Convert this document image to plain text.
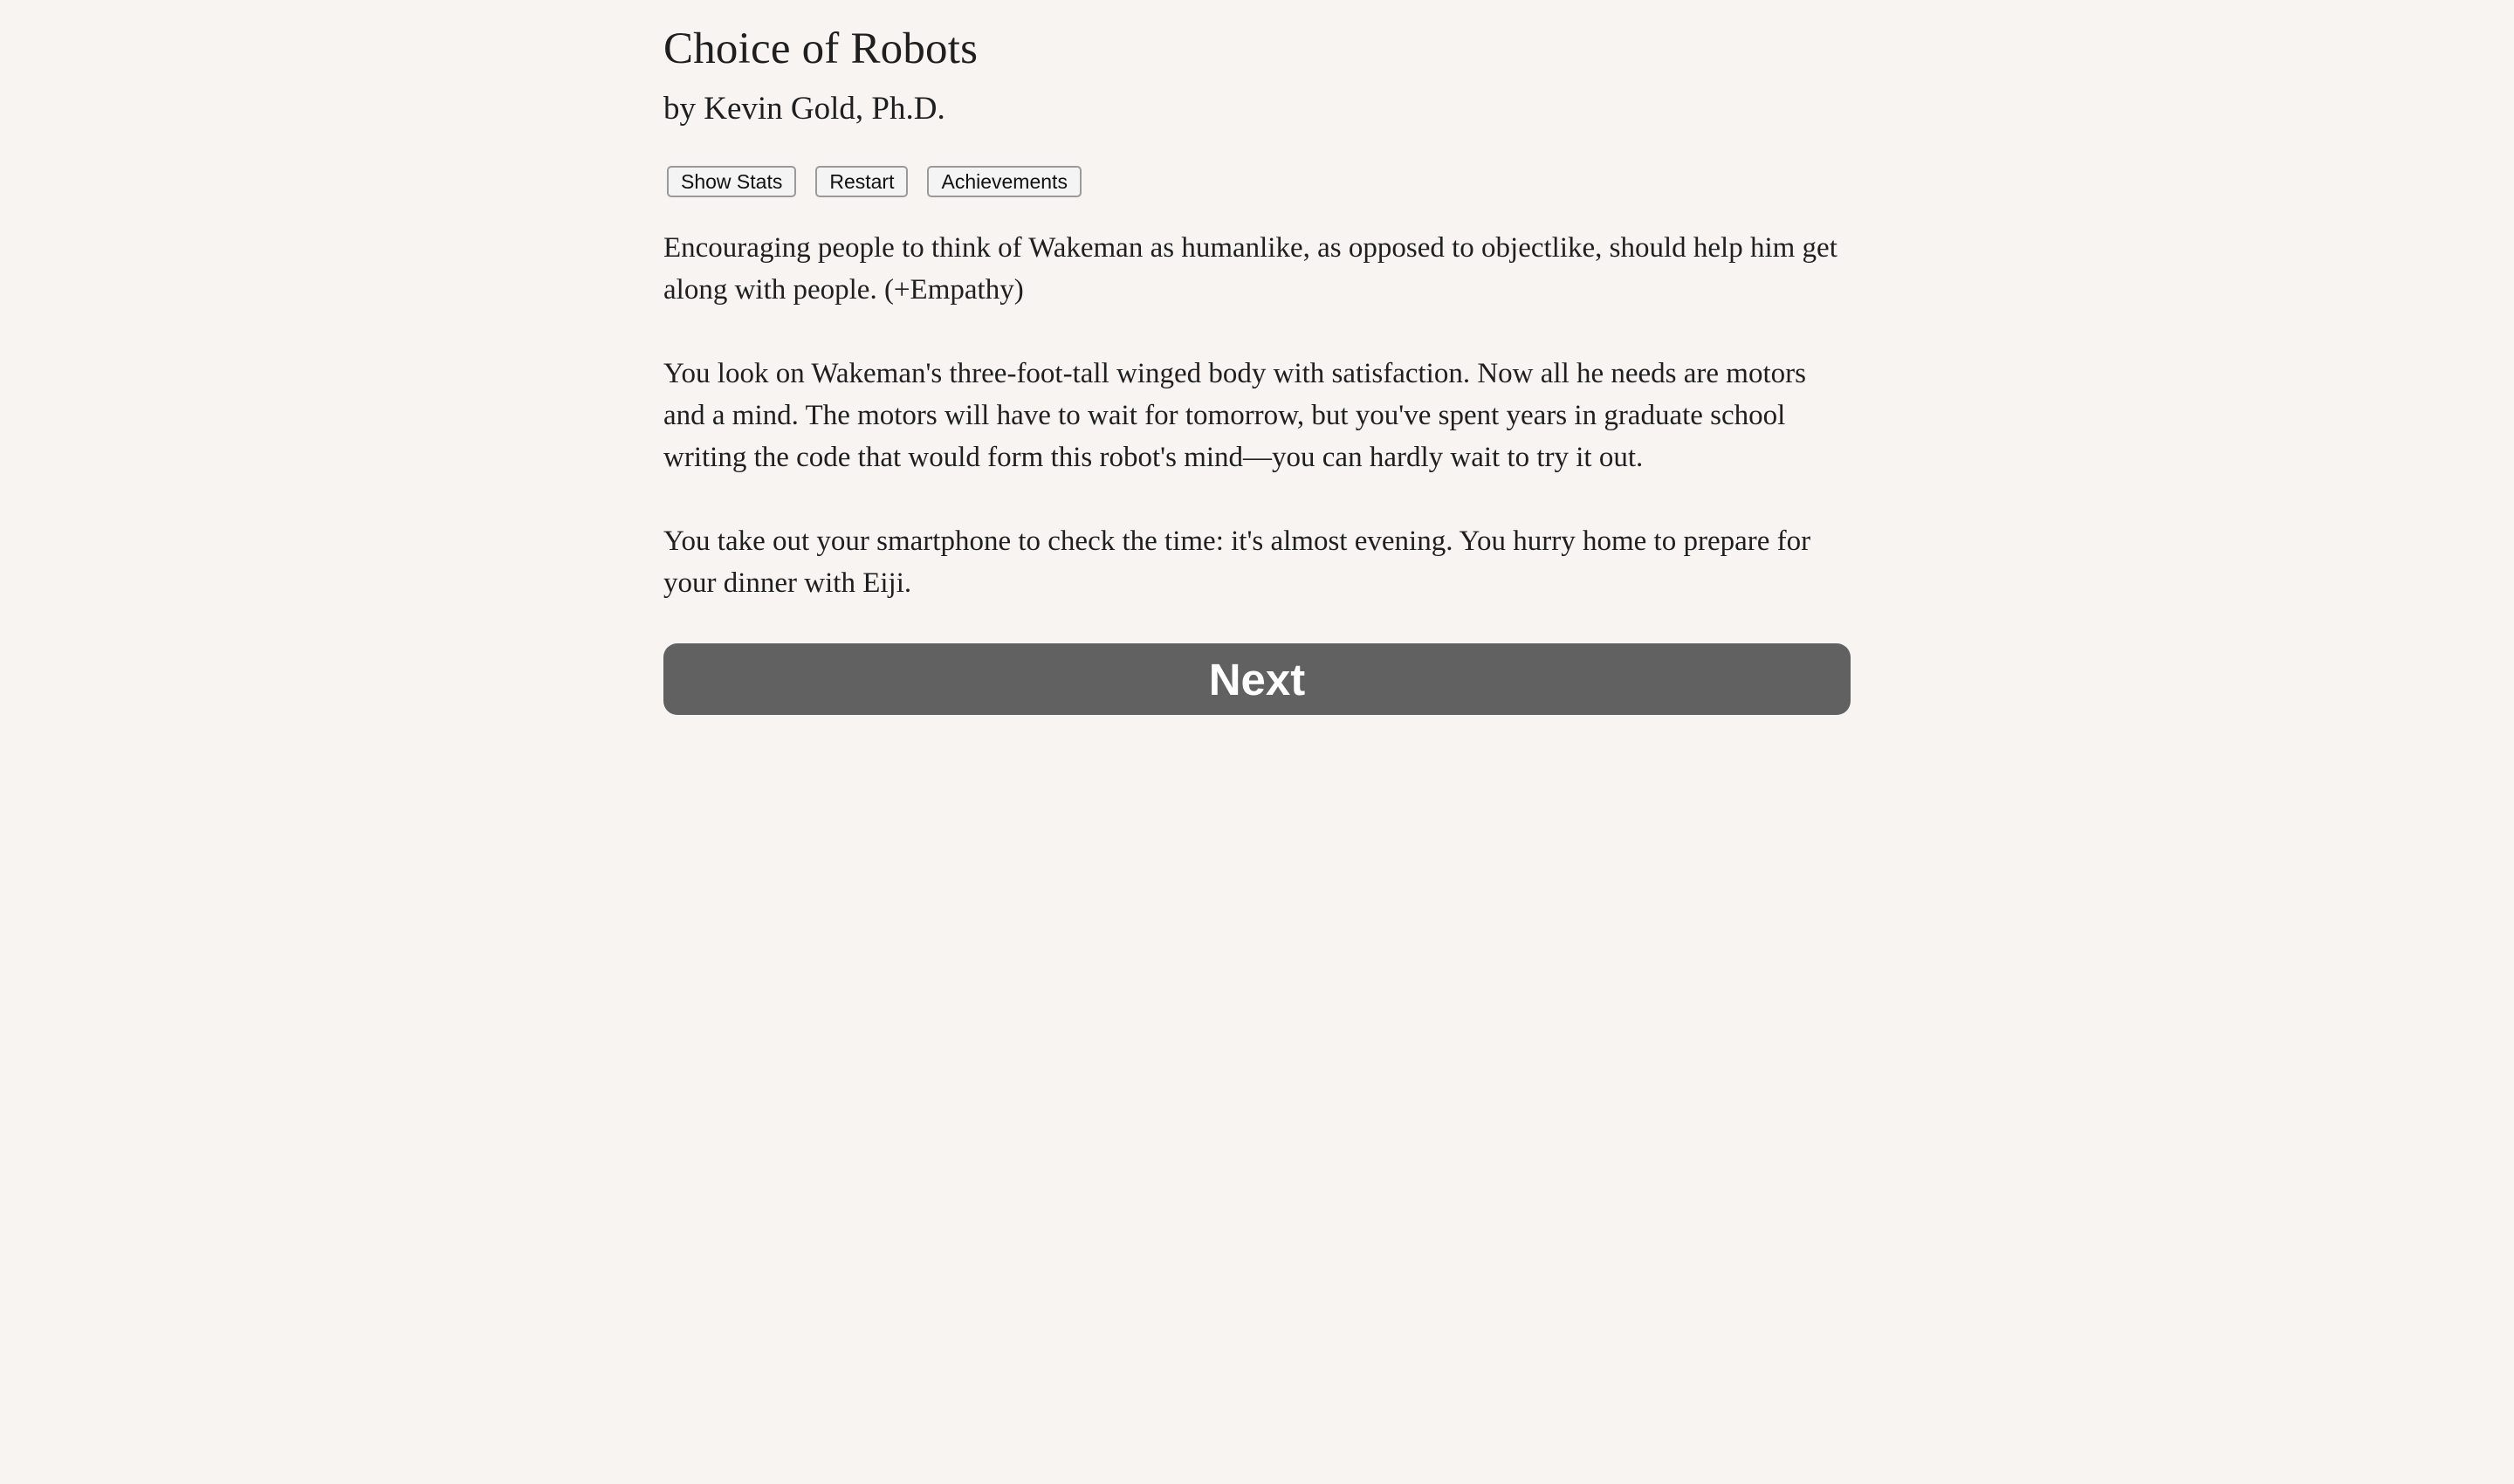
Choice of Robots
by Kevin Gold, Ph.D.
Show Stats	Restart	Achievements

Encouraging people to think of Wakeman as humanlike, as opposed to objectlike, should help him get along with people. (+Empathy)

You look on Wakeman's three-foot-tall winged body with satisfaction. Now all he needs are motors and a mind. The motors will have to wait for tomorrow, but you've spent years in graduate school writing the code that would form this robot's mind—you can hardly wait to try it out.

You take out your smartphone to check the time: it's almost evening. You hurry home to prepare for your dinner with Eiji.

Next
